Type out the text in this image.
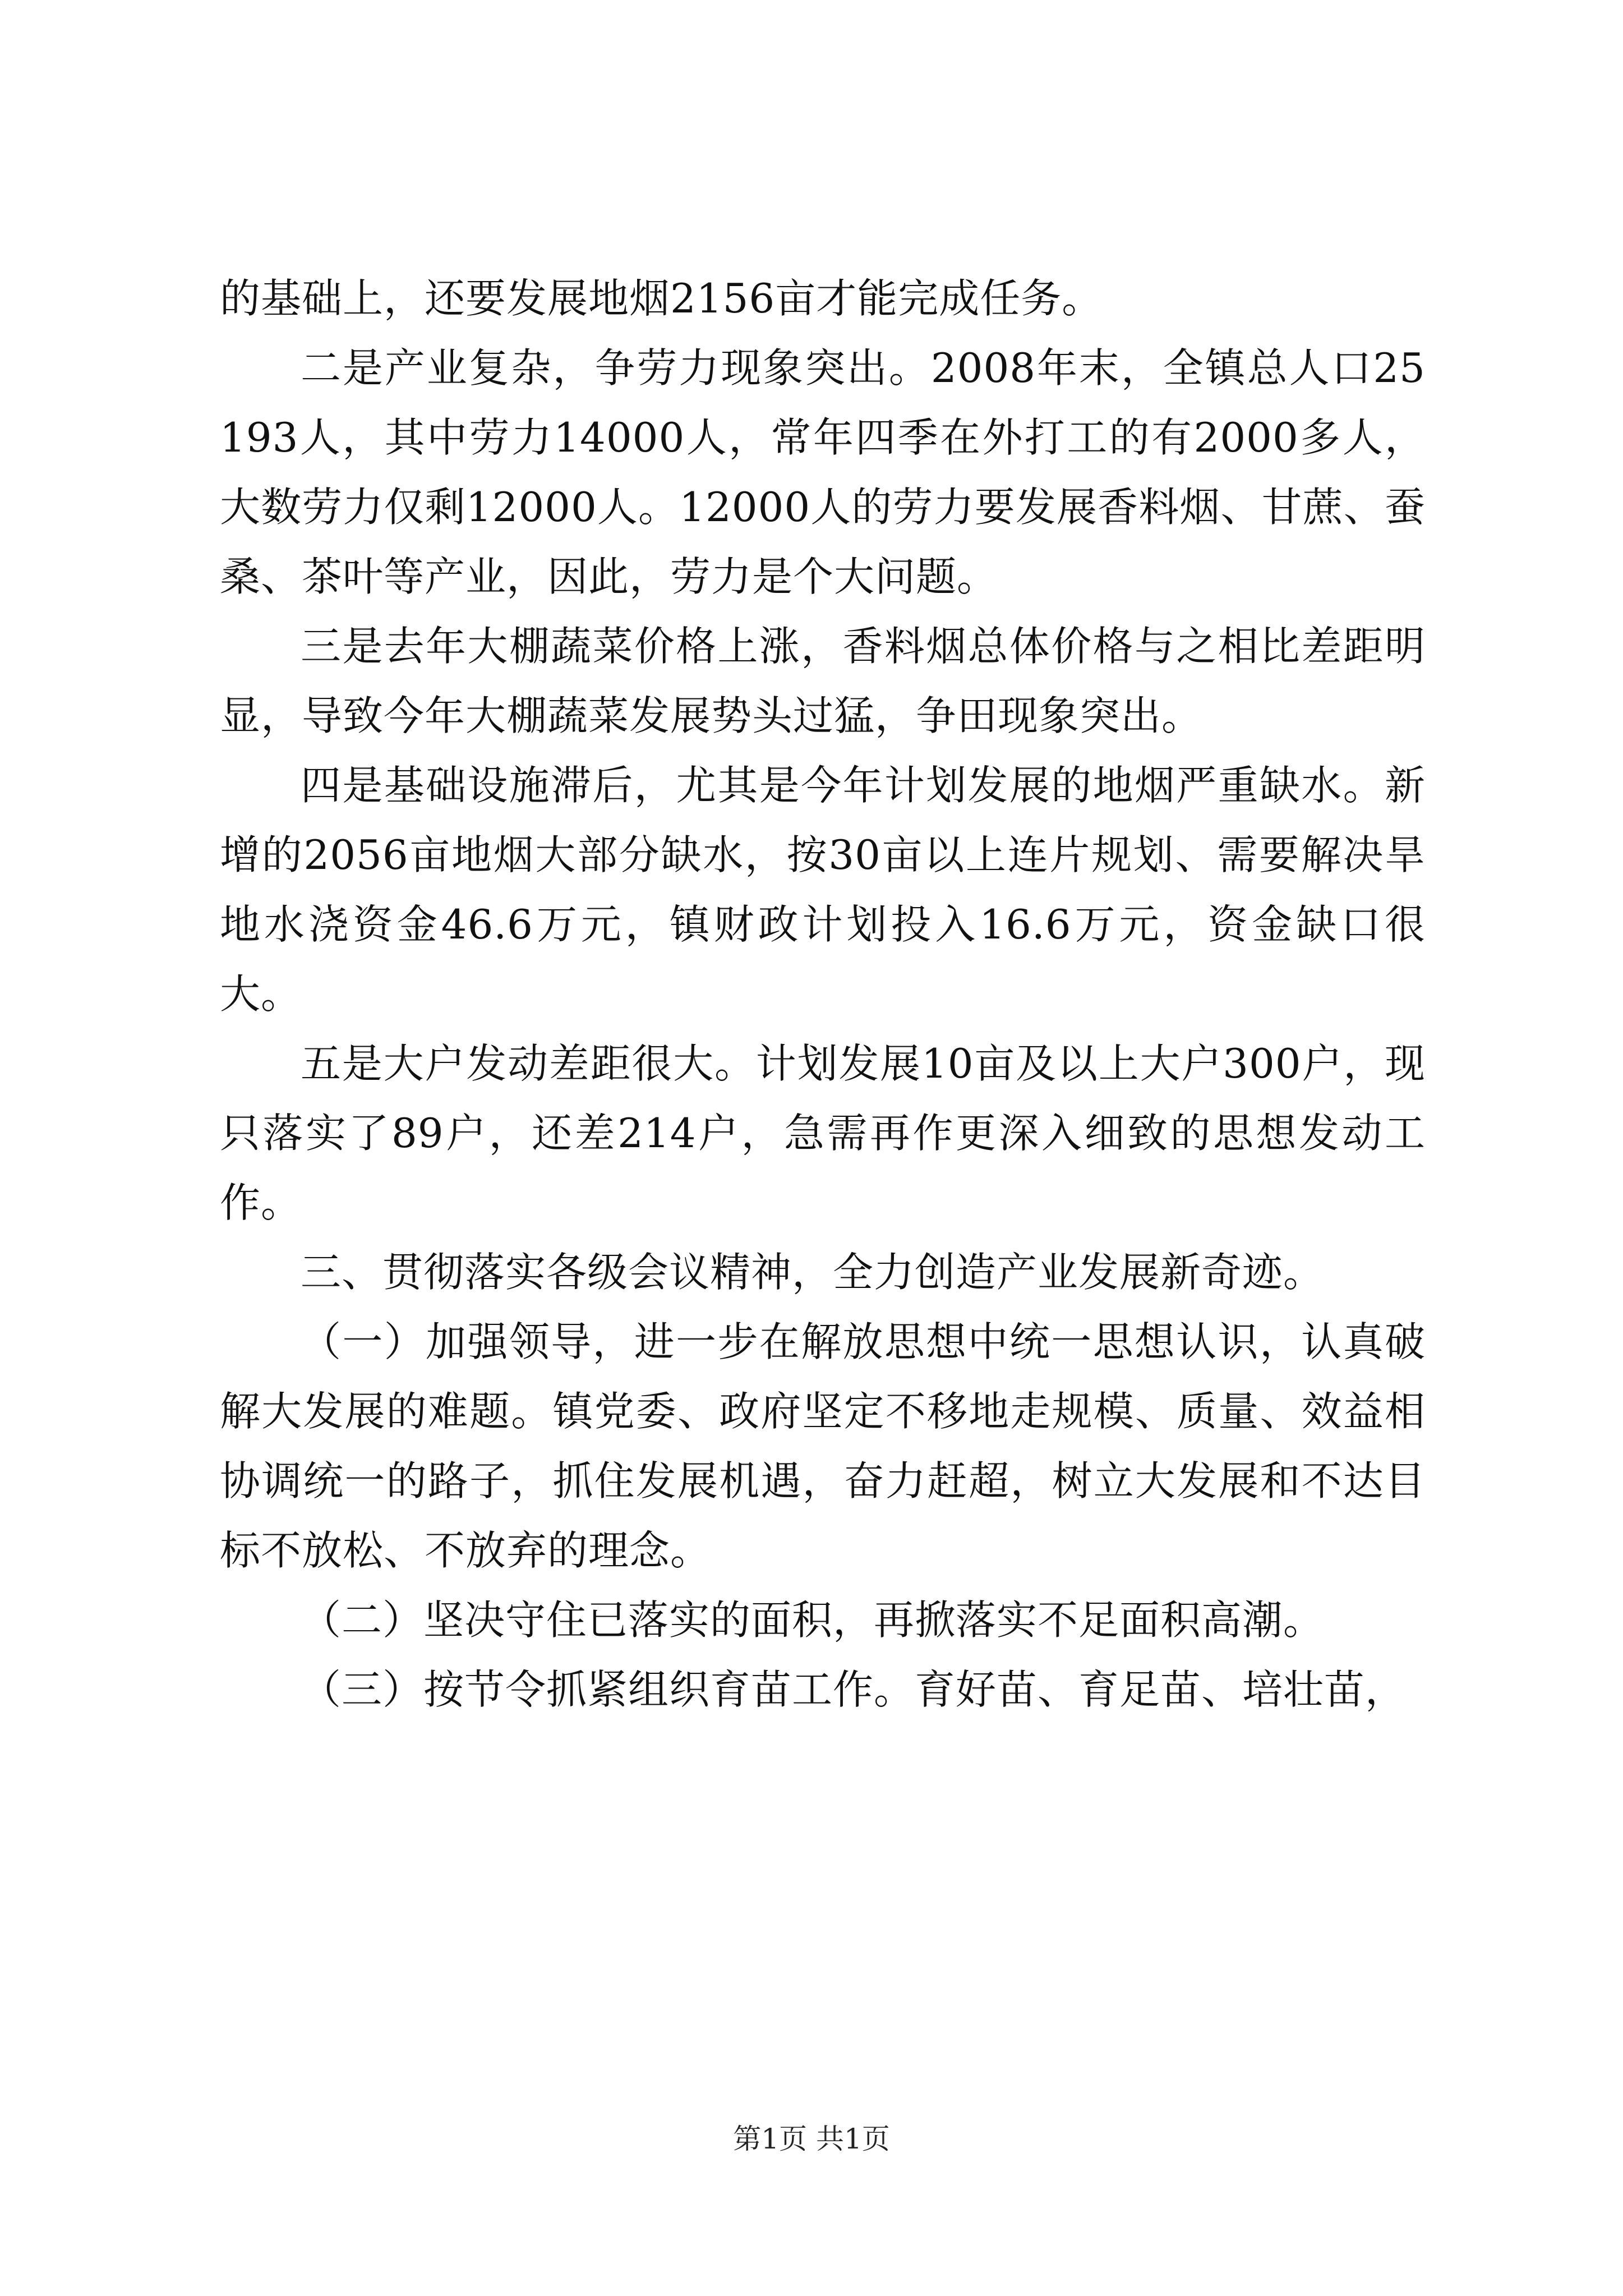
的基础上，还要发展地烟2156亩才能完成任务。

二是产业复杂，争劳力现象突出。2008年末，全镇总人口25193人，其中劳力14000人，常年四季在外打工的有2000多人，大数劳力仅剩12000人。12000人的劳力要发展香料烟、甘蔗、蚕桑、茶叶等产业，因此，劳力是个大问题。

三是去年大棚蔬菜价格上涨，香料烟总体价格与之相比差距明显，导致今年大棚蔬菜发展势头过猛，争田现象突出。

四是基础设施滞后，尤其是今年计划发展的地烟严重缺水。新增的2056亩地烟大部分缺水，按30亩以上连片规划、需要解决旱地水浇资金46.6万元，镇财政计划投入16.6万元，资金缺口很大。

五是大户发动差距很大。计划发展10亩及以上大户300户，现只落实了89户，还差214户，急需再作更深入细致的思想发动工作。

三、贯彻落实各级会议精神，全力创造产业发展新奇迹。

（一）加强领导，进一步在解放思想中统一思想认识，认真破解大发展的难题。镇党委、政府坚定不移地走规模、质量、效益相协调统一的路子，抓住发展机遇，奋力赶超，树立大发展和不达目标不放松、不放弃的理念。

（二）坚决守住已落实的面积，再掀落实不足面积高潮。

（三）按节令抓紧组织育苗工作。育好苗、育足苗、培壮苗，

第1页 共1页
